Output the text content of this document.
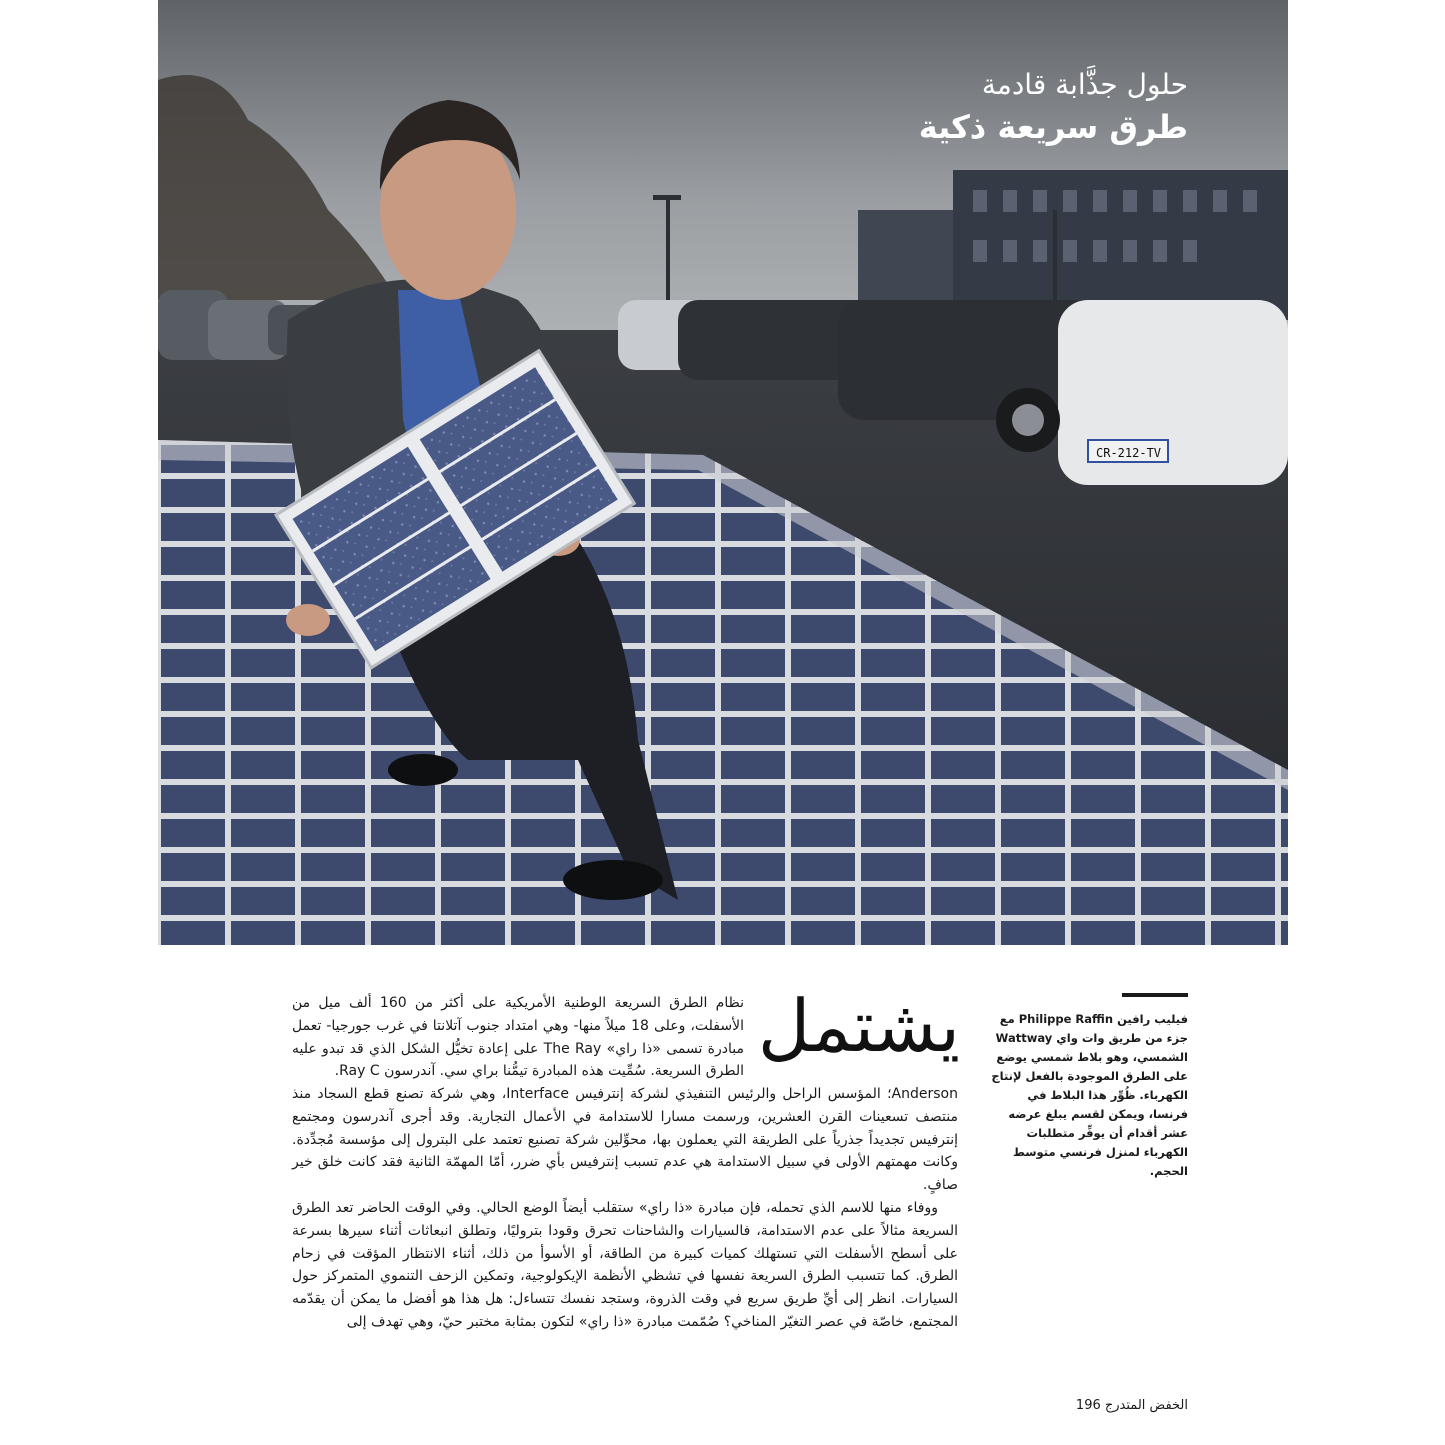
CR-212-TV
حلول جذَّابة قادمة
طرق سريعة ذكية
فيليب رافين Philippe Raffin مع جزء من طريق وات واي Wattway الشمسي، وهو بلاط شمسي يوضع على الطرق الموجودة بالفعل لإنتاج الكهرباء. ظُوِّر هذا البلاط في فرنسا، ويمكن لقسم يبلغ عرضه عشر أقدام أن يوفِّر متطلبات الكهرباء لمنزل فرنسي متوسط الحجم.
يشتمل
نظام الطرق السريعة الوطنية الأمريكية على أكثر من 160 ألف ميل من الأسفلت، وعلى 18 ميلاً منها- وهي امتداد جنوب آتلانتا في غرب جورجيا- تعمل مبادرة تسمى «ذا راي» The Ray على إعادة تخيُّل الشكل الذي قد تبدو عليه الطرق السريعة. سُمِّيت هذه المبادرة تيمُّنا براي سي. آندرسون Ray C.

Anderson؛ المؤسس الراحل والرئيس التنفيذي لشركة إنترفيس Interface، وهي شركة تصنع قطع السجاد منذ منتصف تسعينات القرن العشرين، ورسمت مسارا للاستدامة في الأعمال التجارية. وقد أجرى آندرسون ومجتمع إنترفيس تجديداً جذرياً على الطريقة التي يعملون بها، محوِّلين شركة تصنيع تعتمد على البترول إلى مؤسسة مُجدِّدة. وكانت مهمتهم الأولى في سبيل الاستدامة هي عدم تسبب إنترفيس بأي ضرر، أمّا المهمّة الثانية فقد كانت خلق خير صافٍ.

ووفاء منها للاسم الذي تحمله، فإن مبادرة «ذا راي» ستقلب أيضاً الوضع الحالي. وفي الوقت الحاضر تعد الطرق السريعة مثالاً على عدم الاستدامة، فالسيارات والشاحنات تحرق وقودا بتروليًا، وتطلق انبعاثات أثناء سيرها بسرعة على أسطح الأسفلت التي تستهلك كميات كبيرة من الطاقة، أو الأسوأ من ذلك، أثناء الانتظار المؤقت في زحام الطرق. كما تتسبب الطرق السريعة نفسها في تشظي الأنظمة الإيكولوجية، وتمكين الزحف التنموي المتمركز حول السيارات. انظر إلى أيِّ طريق سريع في وقت الذروة، وستجد نفسك تتساءل: هل هذا هو أفضل ما يمكن أن يقدّمه المجتمع، خاصّة في عصر التغيّر المناخي؟ صُمّمت مبادرة «ذا راي» لتكون بمثابة مختبر حيّ، وهي تهدف إلى

الخفض المتدرج 196
